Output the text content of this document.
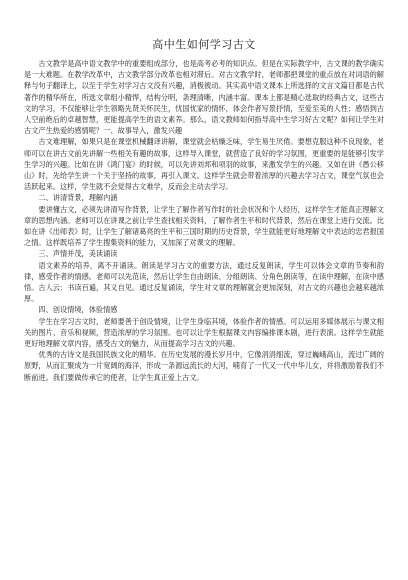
高中生如何学习古文

古文教学是高中语文教学中的重要组成部分，也是高考必考的知识点。但是在实际教学中，古文课的教学确实是一大难题。在教学改革中，古文教学部分改革也相对滞后。对古文教学时，老师都把课堂的重点放在对词语的解释与句子翻译上，以至于学生对学习古文没有兴趣，消极被动。其实高中语文课本上所选择的文言文篇目都是古代著作的精华所在，所选文章组小精悍，结构分明，条理清晰，内涵丰富。课本上都是精心选取的经典古文，这些古文的学习，不仅能够让学生领略先贤关怀民生，忧国忧家的情怀，体会作者写景抒情，至爱至美的人性；感悟到古人空前绝后的卓越智慧，更能提高学生的语文素养。那么，语文教师如何指导高中生学习好古文呢？如何让学生对古文产生热爱的感情呢？一、故事导入，激发兴趣

古文难理解，如果只是在课堂机械翻译讲解，课堂就会枯燥乏味，学生易生厌倦。要想克服这种不良现象，老师可以在讲古文前先讲解一些相关有趣的故事，这样导入课堂，就营造了良好的学习氛围，更重要的是能够引发学生学习的兴趣。比如在讲《鸿门宴》的时候，可以先讲刘邦和项羽的故事，来激发学生的兴趣。又如在讲《愚公移山》时，先给学生讲一个关于坚持的故事，再引入课文。这样学生就会带着浓厚的兴趣去学习古文，课堂气氛也会活跃起来。这样，学生就不会觉得古文难学，反而会主动去学习。

二、讲清背景，理解内涵

要讲懂古文，必须先讲清写作背景，让学生了解作者写作时的社会状况和个人经历，这样学生才能真正理解文章的思想内涵。老师可以在讲课之前让学生查找相关资料，了解作者生平和时代背景，然后在课堂上进行交流。比如在讲《出师表》时，让学生了解诸葛亮的生平和三国时期的历史背景，学生就能更好地理解文中表达的忠君报国之情。这样既培养了学生搜集资料的能力，又加深了对课文的理解。

三、声情并茂，美读诵读

语文素养的培养，离不开诵读。朗读是学习古文的重要方法，通过反复朗读，学生可以体会文章的节奏和韵律，感受作者的情感。老师可以先范读，然后让学生自由朗读、分组朗读、分角色朗读等，在读中理解，在读中感悟。古人云：书读百遍，其义自见。通过反复诵读，学生对文章的理解就会更加深刻，对古文的兴趣也会越来越浓厚。

四、创设情境，体验情感

学生在学习古文时，老师要善于创设情境，让学生身临其境，体验作者的情感。可以运用多媒体展示与课文相关的图片、音乐和视频，营造浓厚的学习氛围。也可以让学生根据课文内容编排课本剧，进行表演。这样学生就能更好地理解文章内容，感受古文的魅力，从而提高学习古文的兴趣。

优秀的古诗文是我国民族文化的精华。在历史发展的漫长岁月中，它像涓涓细流，穿过巍峨高山，流过广阔的原野，从而汇聚成为一片宽阔的海洋，形成一条源远流长的大河，哺育了一代又一代中华儿女，并将激励着我们不断前进。我们要做传承它的使者，让学生真正爱上古文。
